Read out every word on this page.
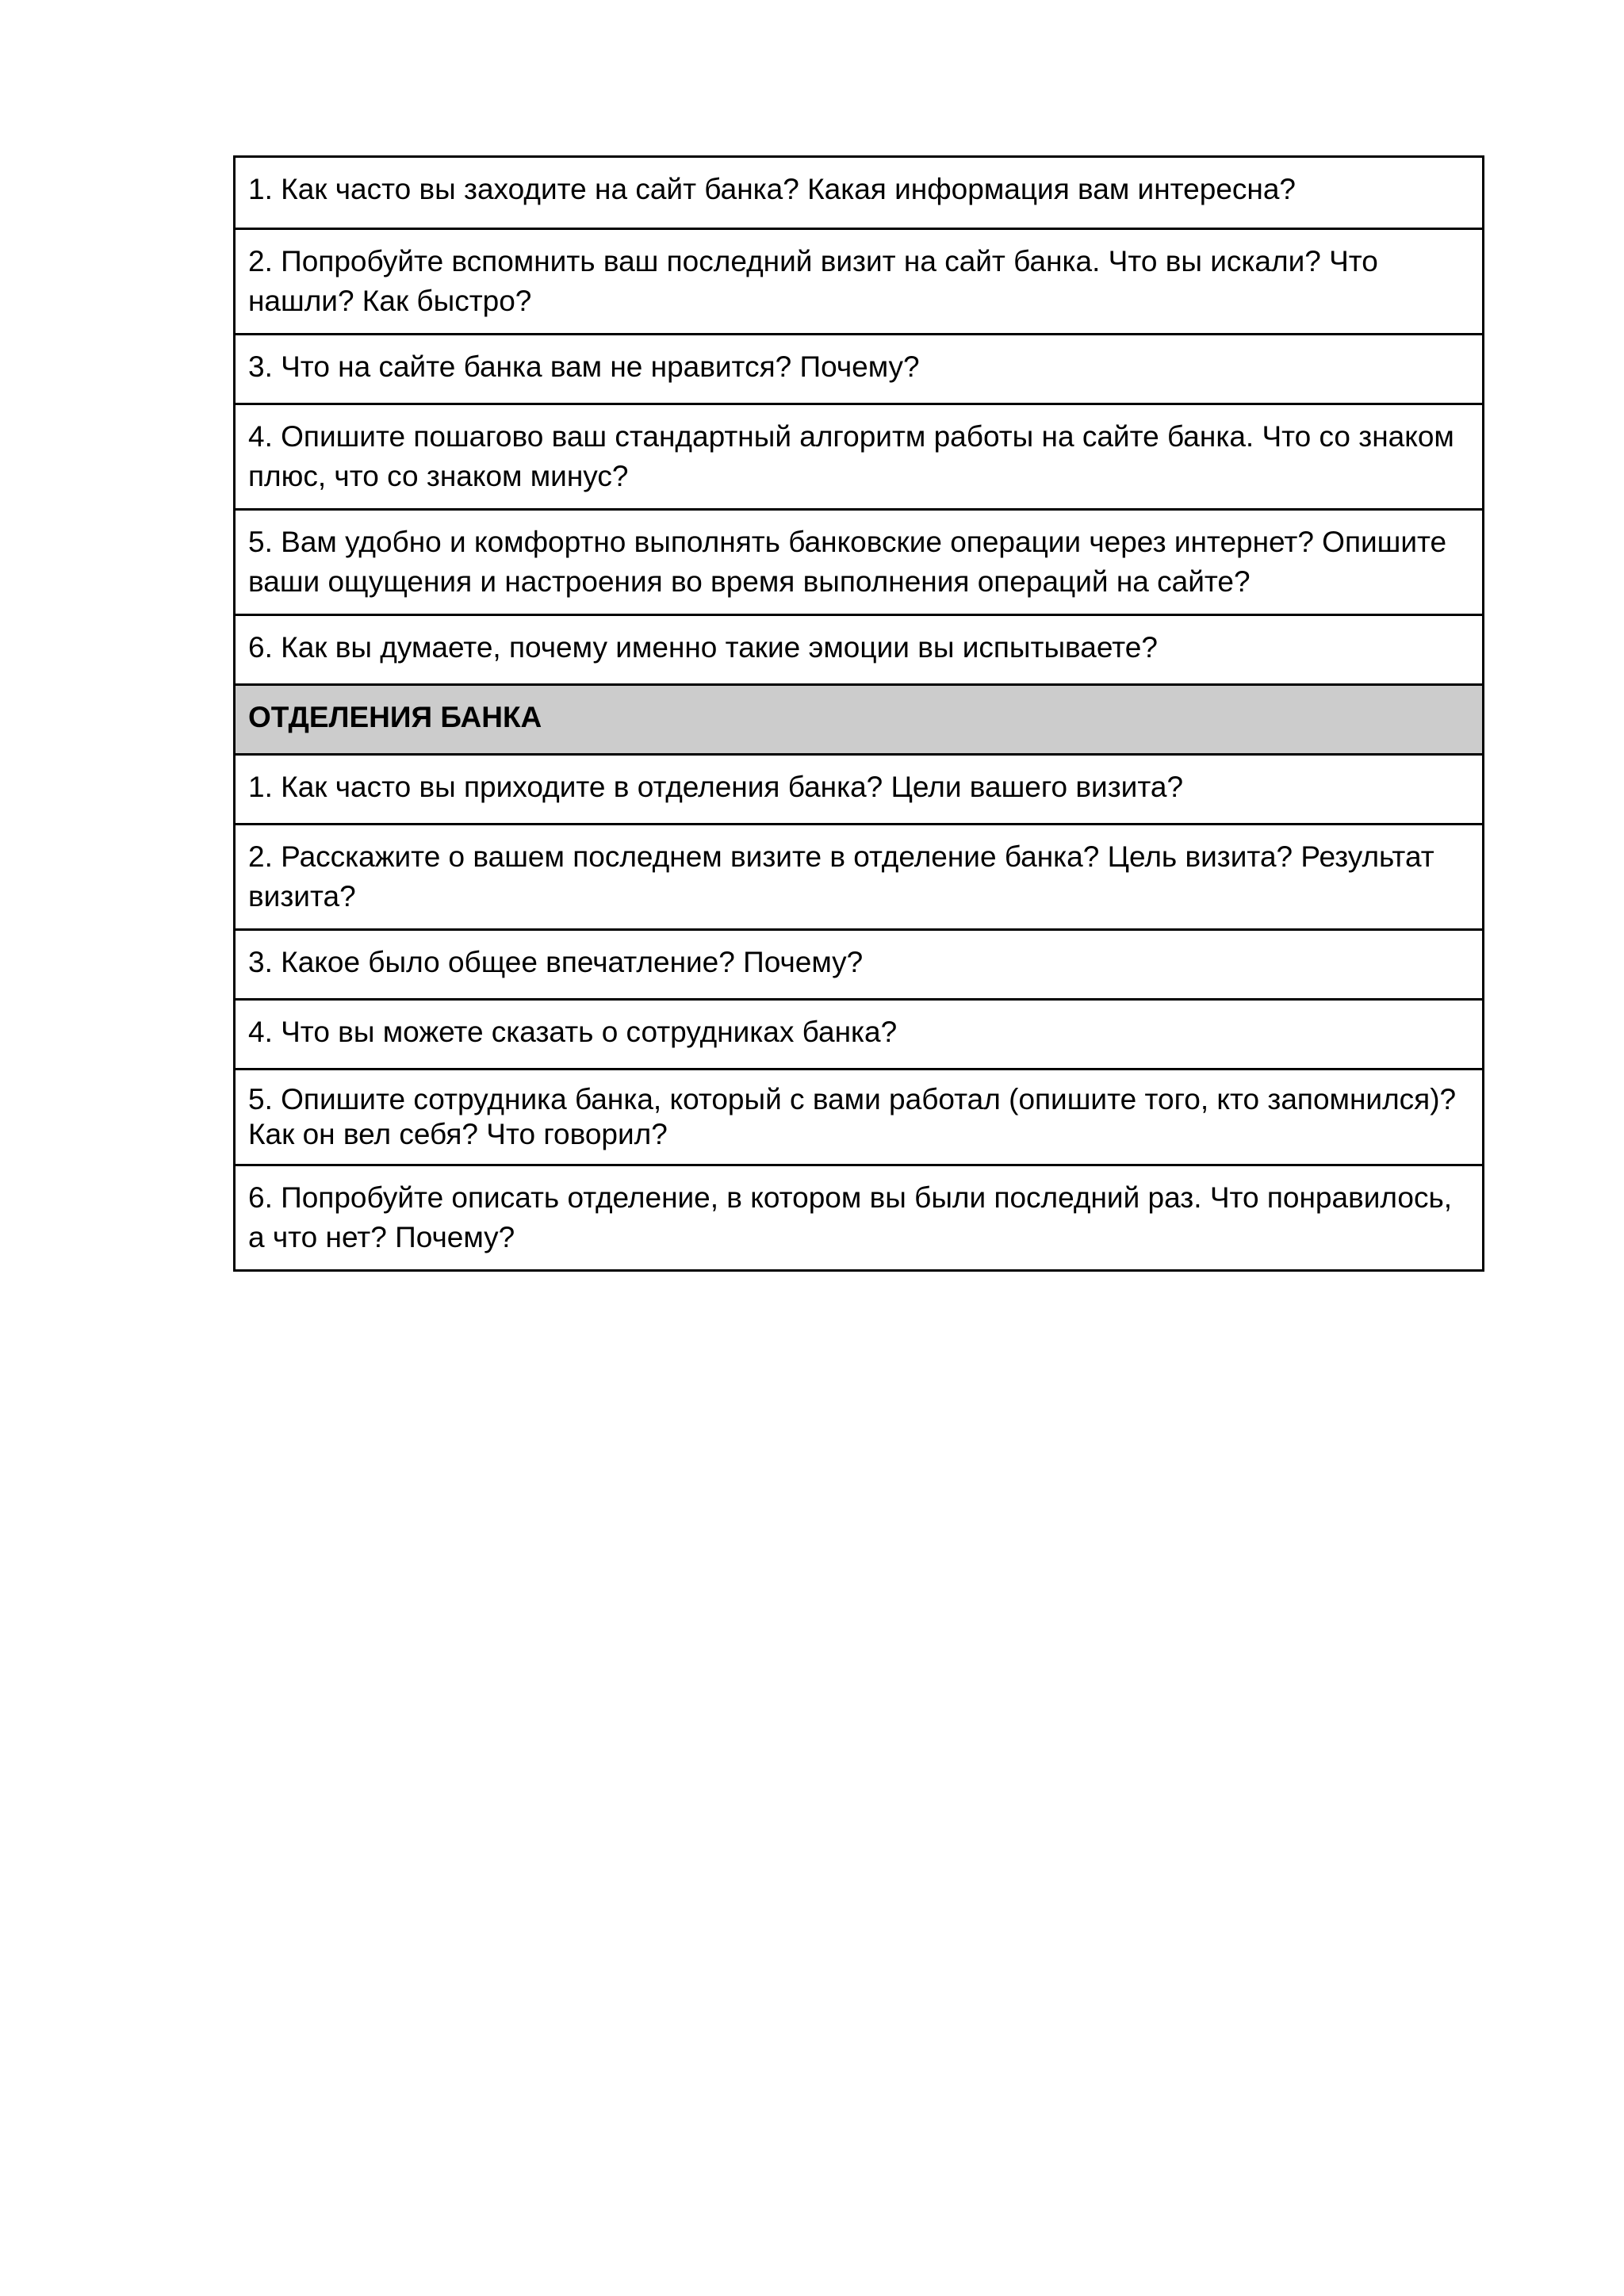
1. Как часто вы заходите на сайт банка? Какая информация вам интересна?
2. Попробуйте вспомнить ваш последний визит на сайт банка. Что вы искали? Что нашли? Как быстро?
3. Что на сайте банка вам не нравится? Почему?
4. Опишите пошагово ваш стандартный алгоритм работы на сайте банка. Что со знаком плюс, что со знаком минус?
5. Вам удобно и комфортно выполнять банковские операции через интернет? Опишите ваши ощущения и настроения во время выполнения операций на сайте?
6. Как вы думаете, почему именно такие эмоции вы испытываете?
ОТДЕЛЕНИЯ БАНКА
1. Как часто вы приходите в отделения банка? Цели вашего визита?
2. Расскажите о вашем последнем визите в отделение банка? Цель визита? Результат визита?
3. Какое было общее впечатление? Почему?
4. Что вы можете сказать о сотрудниках банка?
5. Опишите сотрудника банка, который с вами работал (опишите того, кто запомнился)? Как он вел себя? Что говорил?
6. Попробуйте описать отделение, в котором вы были последний раз. Что понравилось, а что нет? Почему?
